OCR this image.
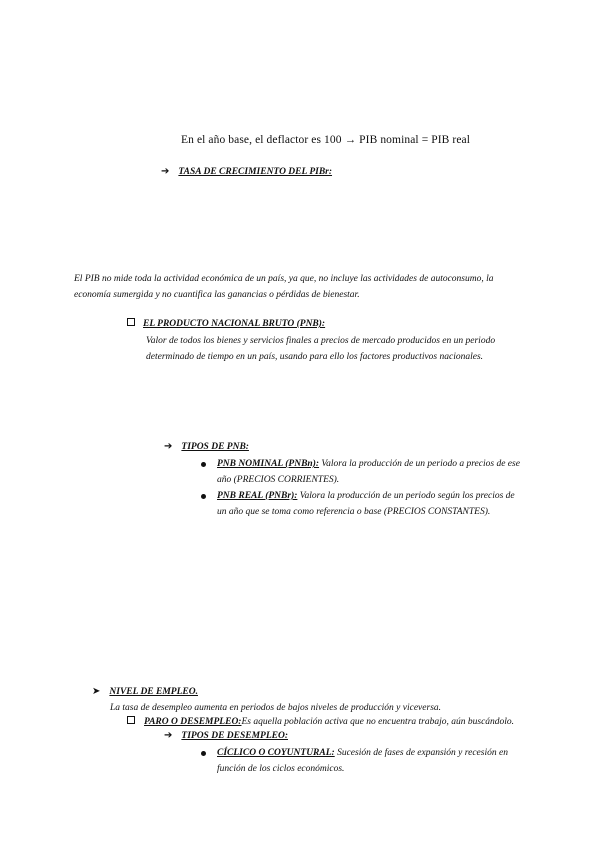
En el año base, el deflactor es 100 → PIB nominal = PIB real
➔ TASA DE CRECIMIENTO DEL PIBr:
El PIB no mide toda la actividad económica de un país, ya que, no incluye las actividades de autoconsumo, la
economía sumergida y no cuantifica las ganancias o pérdidas de bienestar.
EL PRODUCTO NACIONAL BRUTO (PNB):
Valor de todos los bienes y servicios finales a precios de mercado producidos en un periodo
determinado de tiempo en un país, usando para ello los factores productivos nacionales.
➔ TIPOS DE PNB:
PNB NOMINAL (PNBn): Valora la producción de un periodo a precios de ese
año (PRECIOS CORRIENTES).
PNB REAL (PNBr): Valora la producción de un periodo según los precios de
un año que se toma como referencia o base (PRECIOS CONSTANTES).
➤ NIVEL DE EMPLEO.
La tasa de desempleo aumenta en periodos de bajos niveles de producción y viceversa.
PARO O DESEMPLEO: Es aquella población activa que no encuentra trabajo, aún buscándolo.
➔ TIPOS DE DESEMPLEO:
CÍCLICO O COYUNTURAL: Sucesión de fases de expansión y recesión en
función de los ciclos económicos.
